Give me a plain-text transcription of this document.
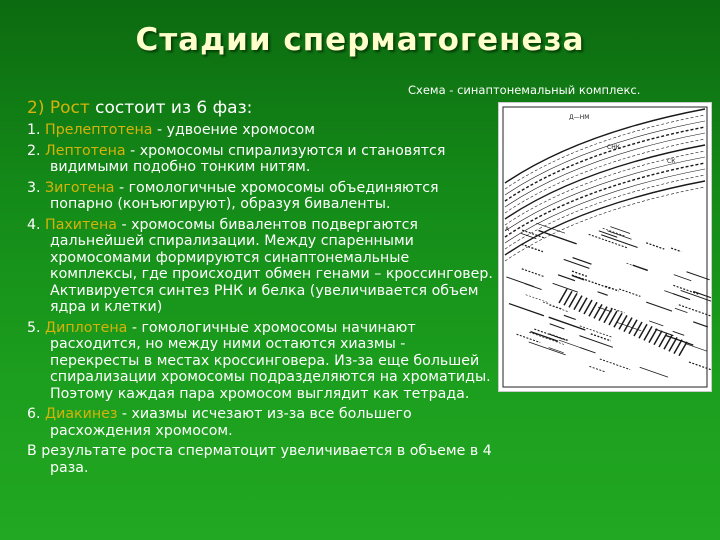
Стадии сперматогенеза
Схема - синаптонемальный комплекс.

2) Рост состоит из 6 фаз:

1. Прелептотена - удвоение хромосом

2. Лептотена - хромосомы спирализуются и становятся видимыми подобно тонким нитям.

3. Зиготена - гомологичные хромосомы объединяются попарно (конъюгируют), образуя биваленты.

4. Пахитена - хромосомы бивалентов подвергаются дальнейшей спирализации. Между спаренными хромосомами формируются синаптонемальные комплексы, где происходит обмен генами – кроссинговер. Активируется синтез РНК и белка (увеличивается объем ядра и клетки)

5. Диплотена - гомологичные хромосомы начинают расходится, но между ними остаются хиазмы - перекресты в местах кроссинговера. Из-за еще большей спирализации хромосомы подразделяются на хроматиды. Поэтому каждая пара хромосом выглядит как тетрада.

6. Диакинез - хиазмы исчезают из-за все большего расхождения хромосом.

В результате роста сперматоцит увеличивается в объеме в 4 раза.

Д—НМ
СНК
А
СК
